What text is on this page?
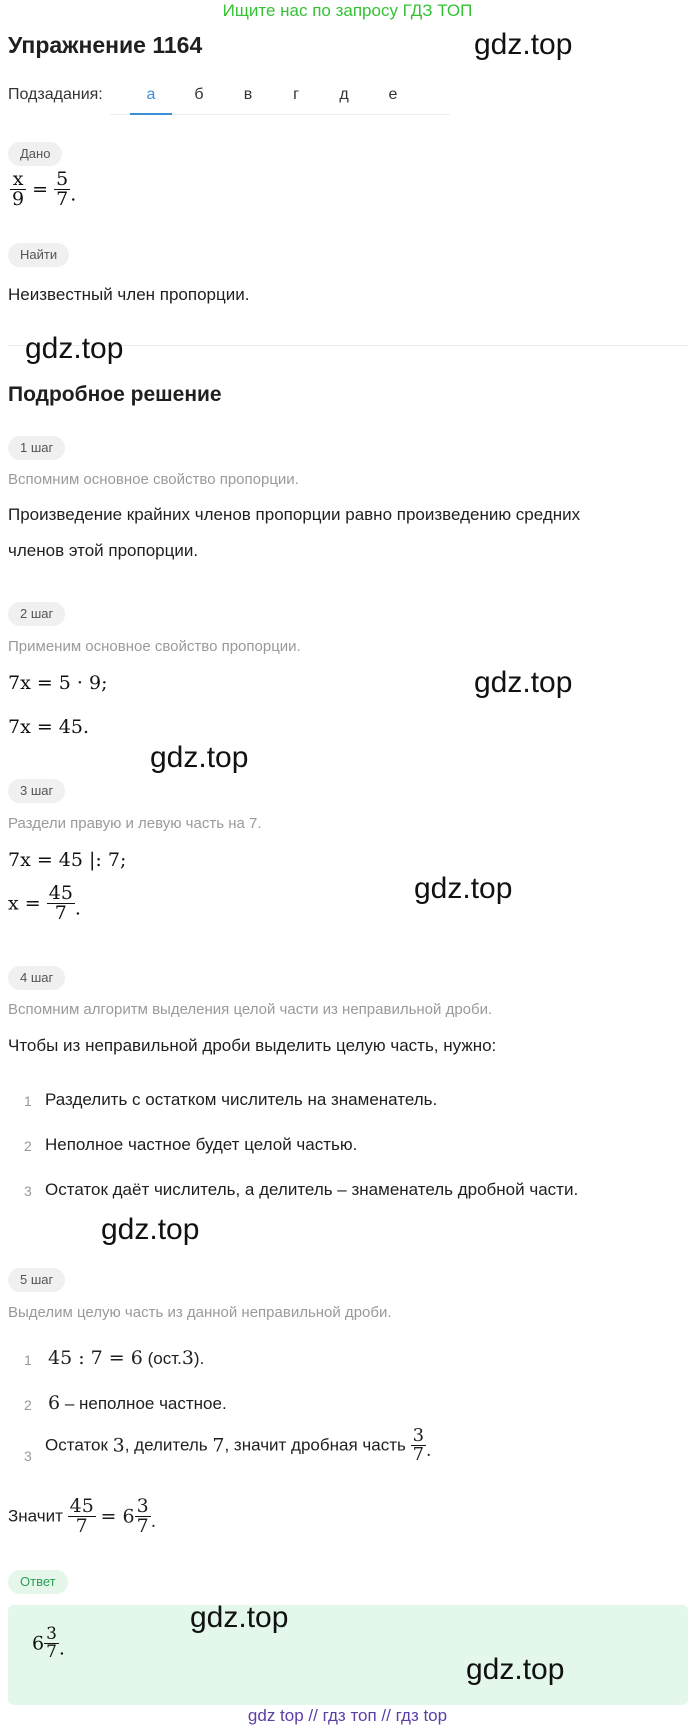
Ищите нас по запросу ГДЗ ТОП
Упражнение 1164	gdz.top
Подзадания:	а	б	в	г	д	е
Дано
$\frac{x}{9} = \frac{5}{7}$ .
Найти
Неизвестный член пропорции.
gdz.top
Подробное решение
1 шаг
Вспомним основное свойство пропорции.
Произведение крайних членов пропорции равно произведению средних
членов этой пропорции.
2 шаг
Применим основное свойство пропорции.
7x = 5 · 9;	gdz.top
7x = 45.
gdz.top
3 шаг
Раздели правую и левую часть на 7.
7x = 45 |: 7;
gdz.top
$x = \frac{45}{7}$ .
4 шаг
Вспомним алгоритм выделения целой части из неправильной дроби.
Чтобы из неправильной дроби выделить целую часть, нужно:
1 Разделить с остатком числитель на знаменатель.
2 Неполное частное будет целой частью.
3 Остаток даёт числитель, а делитель – знаменатель дробной части.
gdz.top
5 шаг
Выделим целую часть из данной неправильной дроби.
1 45 : 7 = 6 (ост.3).
2 6 – неполное частное.
3
Остаток 3, делитель 7, значит дробная часть $\frac{3}{7}$ .
Значит $\frac{45}{7} = 6 \frac{3}{7}$ .
Ответ
$6 \frac{3}{7}$ .
gdz.top
gdz.top
gdz top // гдз топ // гдз top
